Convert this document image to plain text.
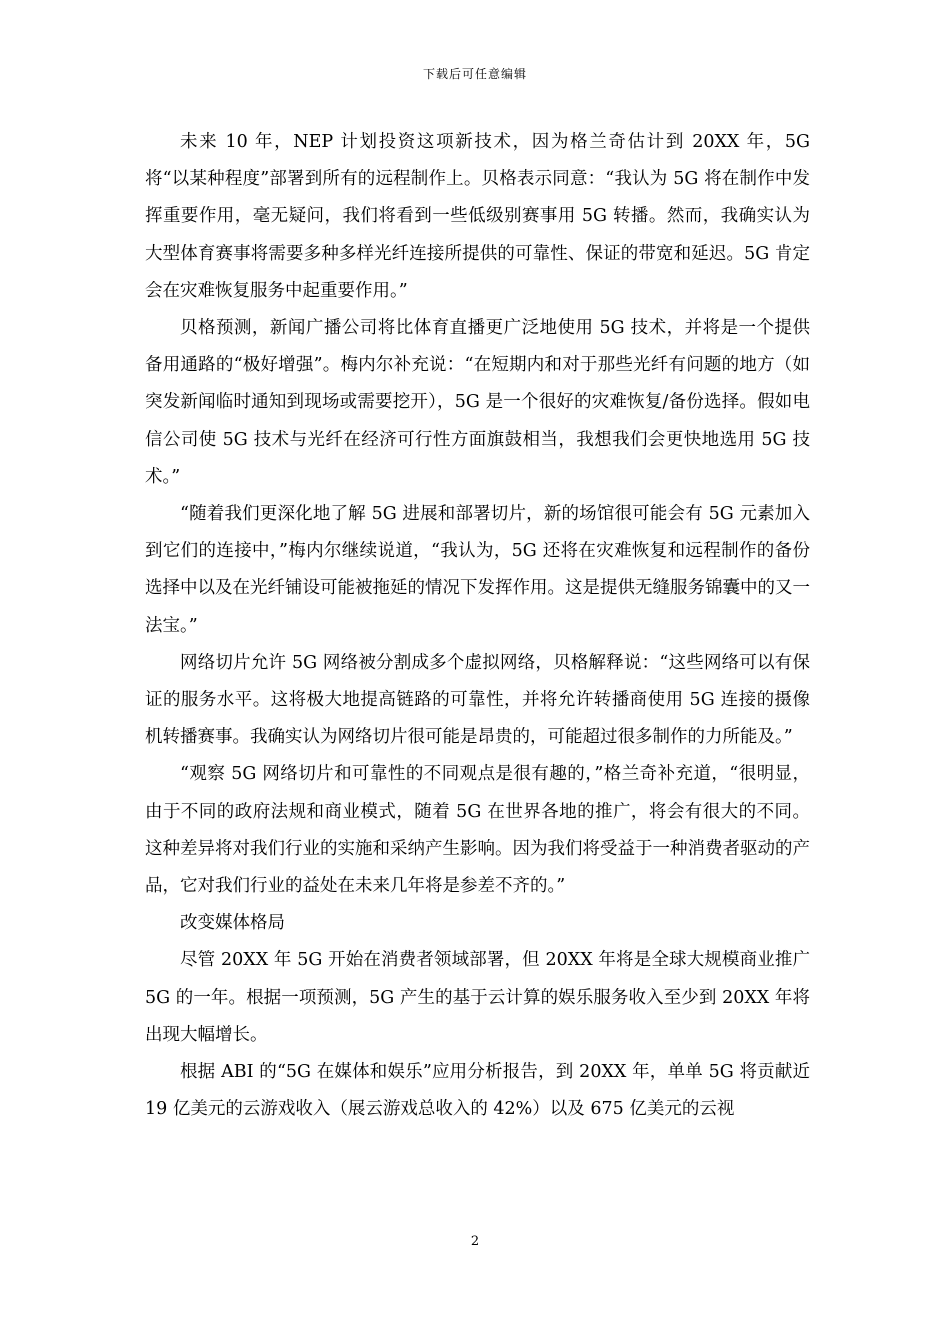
下载后可任意编辑

未来 10 年，NEP 计划投资这项新技术，因为格兰奇估计到 20XX 年，5G 将“以某种程度”部署到所有的远程制作上。贝格表示同意：“我认为 5G 将在制作中发挥重要作用，毫无疑问，我们将看到一些低级别赛事用 5G 转播。然而，我确实认为大型体育赛事将需要多种多样光纤连接所提供的可靠性、保证的带宽和延迟。5G 肯定会在灾难恢复服务中起重要作用。”

贝格预测，新闻广播公司将比体育直播更广泛地使用 5G 技术，并将是一个提供备用通路的“极好增强”。梅内尔补充说：“在短期内和对于那些光纤有问题的地方（如突发新闻临时通知到现场或需要挖开），5G 是一个很好的灾难恢复/备份选择。假如电信公司使 5G 技术与光纤在经济可行性方面旗鼓相当，我想我们会更快地选用 5G 技术。”

“随着我们更深化地了解 5G 进展和部署切片，新的场馆很可能会有 5G 元素加入到它们的连接中，”梅内尔继续说道，“我认为，5G 还将在灾难恢复和远程制作的备份选择中以及在光纤铺设可能被拖延的情况下发挥作用。这是提供无缝服务锦囊中的又一法宝。”

网络切片允许 5G 网络被分割成多个虚拟网络，贝格解释说：“这些网络可以有保证的服务水平。这将极大地提高链路的可靠性，并将允许转播商使用 5G 连接的摄像机转播赛事。我确实认为网络切片很可能是昂贵的，可能超过很多制作的力所能及。”

“观察 5G 网络切片和可靠性的不同观点是很有趣的，”格兰奇补充道，“很明显，由于不同的政府法规和商业模式，随着 5G 在世界各地的推广，将会有很大的不同。这种差异将对我们行业的实施和采纳产生影响。因为我们将受益于一种消费者驱动的产品，它对我们行业的益处在未来几年将是参差不齐的。”

改变媒体格局

尽管 20XX 年 5G 开始在消费者领域部署，但 20XX 年将是全球大规模商业推广 5G 的一年。根据一项预测，5G 产生的基于云计算的娱乐服务收入至少到 20XX 年将出现大幅增长。

根据 ABI 的“5G 在媒体和娱乐”应用分析报告，到 20XX 年，单单 5G 将贡献近 19 亿美元的云游戏收入（展云游戏总收入的 42%）以及 675 亿美元的云视

2
